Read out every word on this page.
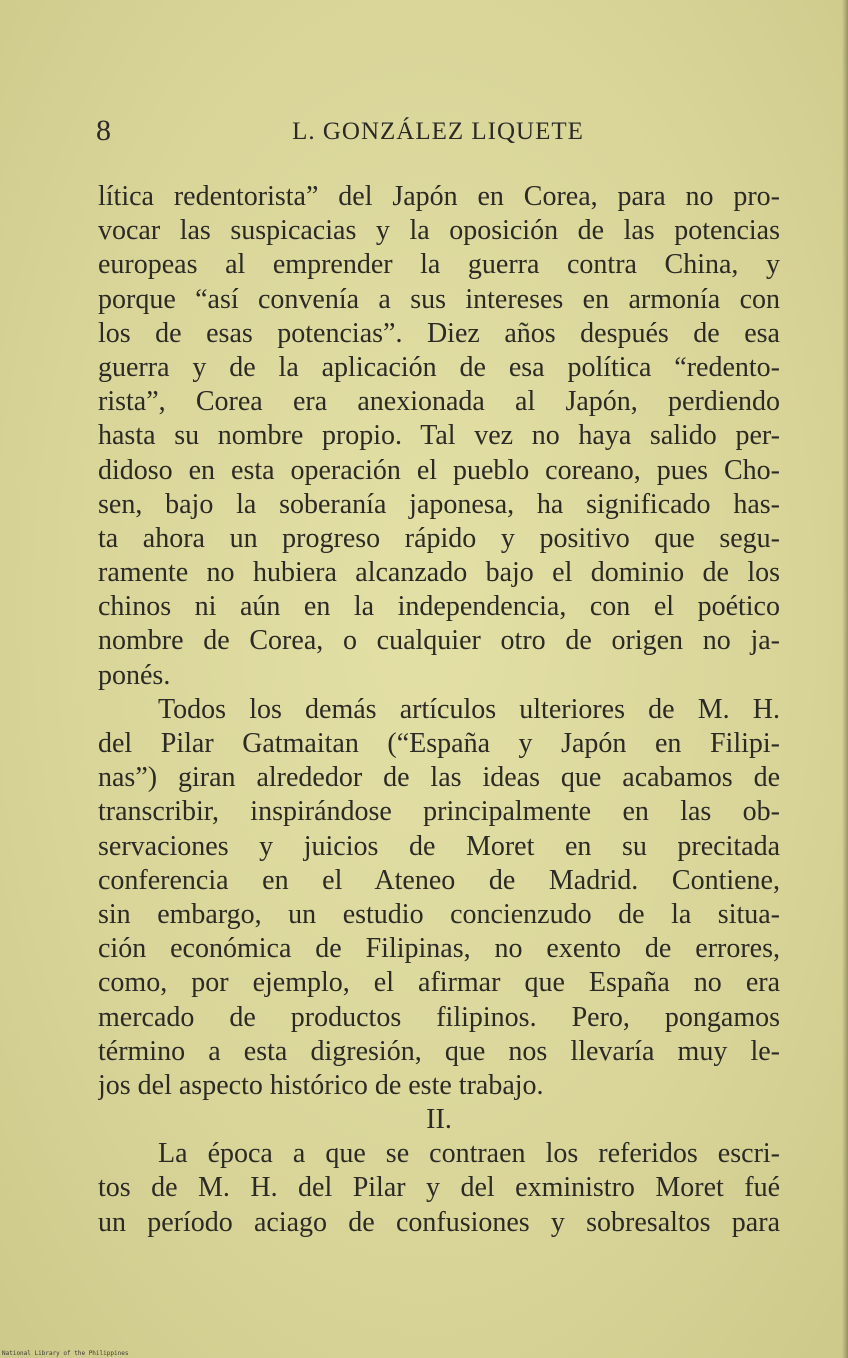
8	L. GONZÁLEZ LIQUETE
lítica redentorista” del Japón en Corea, para no pro-
vocar las suspicacias y la oposición de las potencias
europeas al emprender la guerra contra China, y
porque “así convenía a sus intereses en armonía con
los de esas potencias”. Diez años después de esa
guerra y de la aplicación de esa política “redento-
rista”, Corea era anexionada al Japón, perdiendo
hasta su nombre propio. Tal vez no haya salido per-
didoso en esta operación el pueblo coreano, pues Cho-
sen, bajo la soberanía japonesa, ha significado has-
ta ahora un progreso rápido y positivo que segu-
ramente no hubiera alcanzado bajo el dominio de los
chinos ni aún en la independencia, con el poético
nombre de Corea, o cualquier otro de origen no ja-
ponés.
Todos los demás artículos ulteriores de M. H.
del Pilar Gatmaitan (“España y Japón en Filipi-
nas”) giran alrededor de las ideas que acabamos de
transcribir, inspirándose principalmente en las ob-
servaciones y juicios de Moret en su precitada
conferencia en el Ateneo de Madrid. Contiene,
sin embargo, un estudio concienzudo de la situa-
ción económica de Filipinas, no exento de errores,
como, por ejemplo, el afirmar que España no era
mercado de productos filipinos. Pero, pongamos
término a esta digresión, que nos llevaría muy le-
jos del aspecto histórico de este trabajo.
II.
La época a que se contraen los referidos escri-
tos de M. H. del Pilar y del exministro Moret fué
un período aciago de confusiones y sobresaltos para
National Library of the Philippines
